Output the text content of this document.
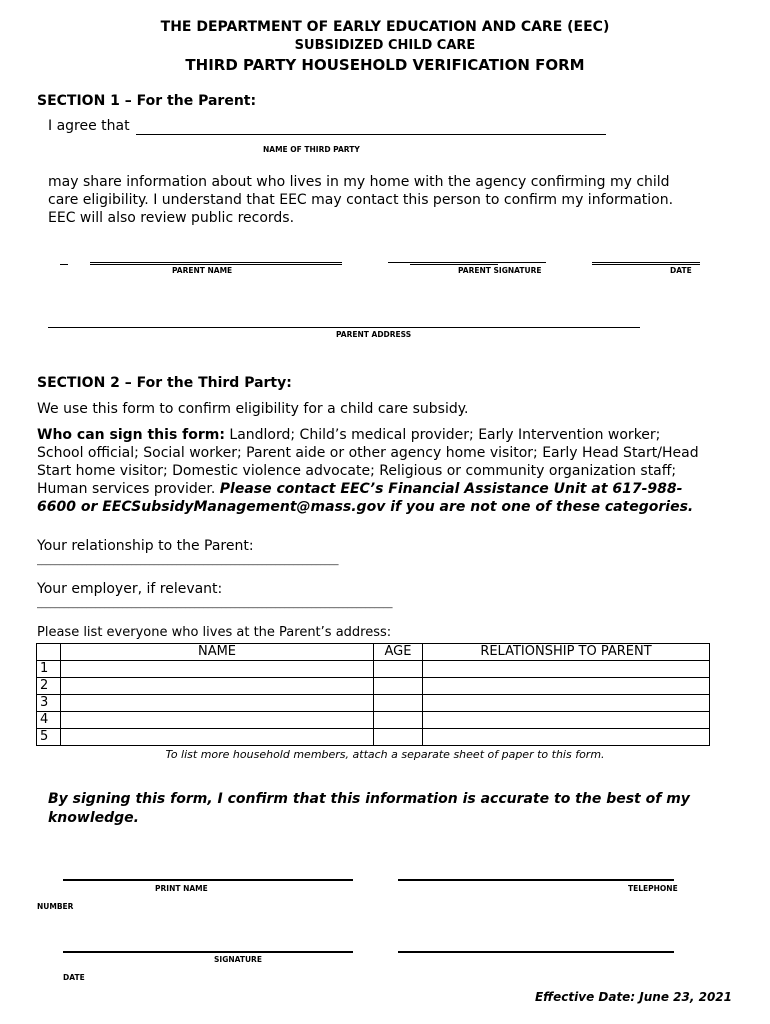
THE DEPARTMENT OF EARLY EDUCATION AND CARE (EEC)
SUBSIDIZED CHILD CARE
THIRD PARTY HOUSEHOLD VERIFICATION FORM
SECTION 1 – For the Parent:
I agree that
NAME OF THIRD PARTY
may share information about who lives in my home with the agency confirming my child
care eligibility. I understand that EEC may contact this person to confirm my information.
EEC will also review public records.
PARENT NAME	PARENT SIGNATURE	DATE
PARENT ADDRESS
SECTION 2 – For the Third Party:
We use this form to confirm eligibility for a child care subsidy.
Who can sign this form: Landlord; Child’s medical provider; Early Intervention worker;
School official; Social worker; Parent aide or other agency home visitor; Early Head Start/Head
Start home visitor; Domestic violence advocate; Religious or community organization staff;
Human services provider. Please contact EEC’s Financial Assistance Unit at 617-988-
6600 or EECSubsidyManagement@mass.gov if you are not one of these categories.
Your relationship to the Parent:
___________________________________________________________________
Your employer, if relevant:
_______________________________________________________________________________
Please list everyone who lives at the Parent’s address:
	NAME	AGE	RELATIONSHIP TO PARENT
1			
2			
3			
4			
5			
To list more household members, attach a separate sheet of paper to this form.
By signing this form, I confirm that this information is accurate to the best of my
knowledge.
PRINT NAME	TELEPHONE
NUMBER
SIGNATURE
DATE
Effective Date: June 23, 2021
